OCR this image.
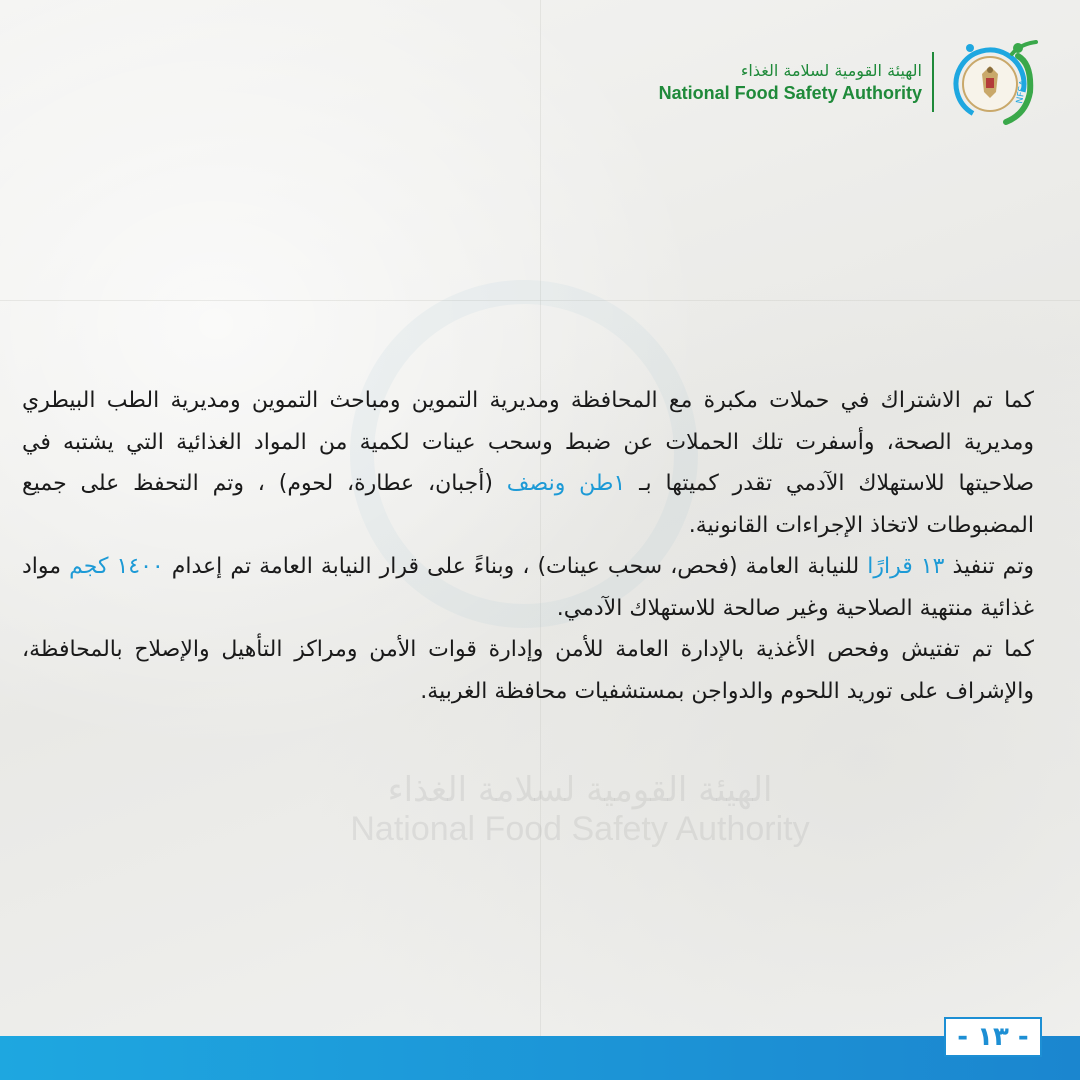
الهيئة القومية لسلامة الغذاء
National Food Safety Authority	NFSA
الهيئة القومية لسلامة الغذاء
National Food Safety Authority

كما تم الاشتراك في حملات مكبرة مع المحافظة ومديرية التموين ومباحث التموين ومديرية الطب البيطري ومديرية الصحة، وأسفرت تلك الحملات عن ضبط وسحب عينات لكمية من المواد الغذائية التي يشتبه في صلاحيتها للاستهلاك الآدمي تقدر كميتها بـ ١طن ونصف (أجبان، عطارة، لحوم) ، وتم التحفظ على جميع المضبوطات لاتخاذ الإجراءات القانونية.

وتم تنفيذ ١٣ قرارًا للنيابة العامة (فحص، سحب عينات) ، وبناءً على قرار النيابة العامة تم إعدام ١٤٠٠ كجم مواد غذائية منتهية الصلاحية وغير صالحة للاستهلاك الآدمي.

كما تم تفتيش وفحص الأغذية بالإدارة العامة للأمن وإدارة قوات الأمن ومراكز التأهيل والإصلاح بالمحافظة، والإشراف على توريد اللحوم والدواجن بمستشفيات محافظة الغربية.

- ١٣ -
